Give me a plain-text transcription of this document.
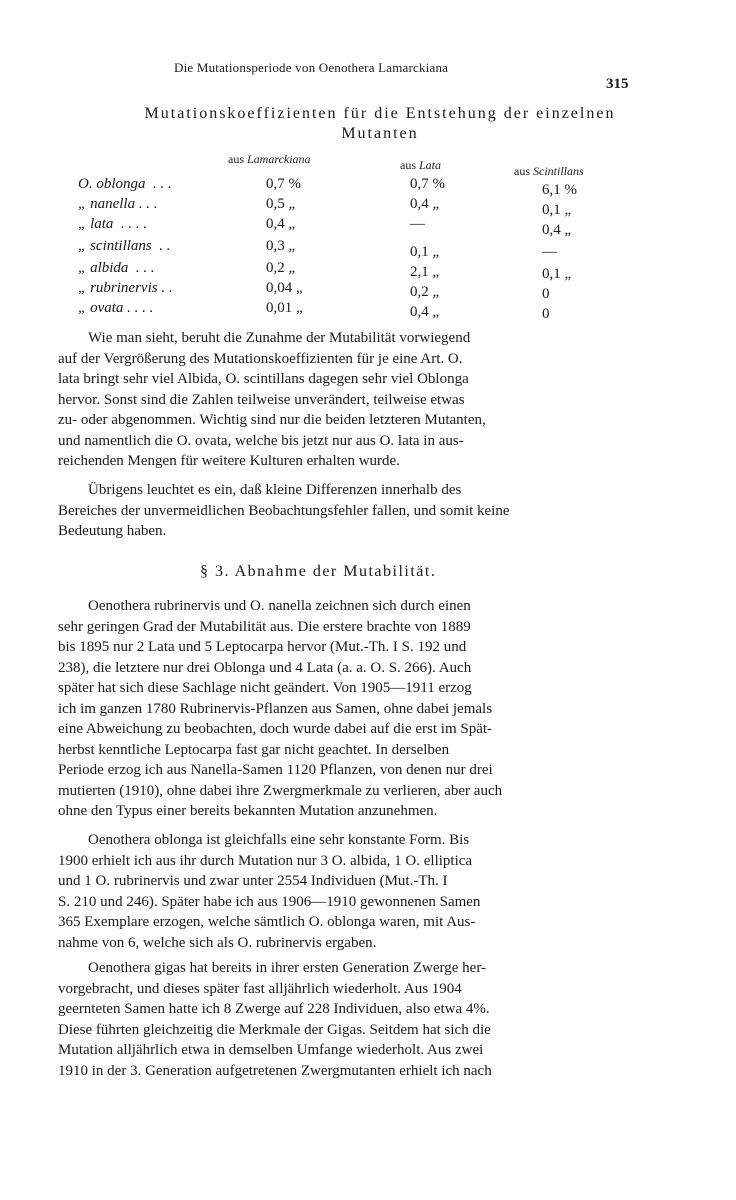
Die Mutationsperiode von Oenothera Lamarckiana
315
Mutationskoeffizienten für die Entstehung der einzelnen
Mutanten
aus Lamarckiana	aus Lata	aus Scintillans
O. oblonga  . . .	0,7 %	0,7 %	6,1 %
„ nanella . . .	0,5 „	0,4 „	0,1 „
„ lata  . . . .	0,4 „	—	0,4 „
„ scintillans  . .	0,3 „	0,1 „	—
„ albida  . . .	0,2 „	2,1 „	0,1 „
„ rubrinervis . .	0,04 „	0,2 „	0
„ ovata . . . .	0,01 „	0,4 „	0
Wie man sieht, beruht die Zunahme der Mutabilität vorwiegend
auf der Vergrößerung des Mutationskoeffizienten für je eine Art. O.
lata bringt sehr viel Albida, O. scintillans dagegen sehr viel Oblonga
hervor. Sonst sind die Zahlen teilweise unverändert, teilweise etwas
zu- oder abgenommen. Wichtig sind nur die beiden letzteren Mutanten,
und namentlich die O. ovata, welche bis jetzt nur aus O. lata in aus-
reichenden Mengen für weitere Kulturen erhalten wurde.
Übrigens leuchtet es ein, daß kleine Differenzen innerhalb des
Bereiches der unvermeidlichen Beobachtungsfehler fallen, und somit keine
Bedeutung haben.
§ 3. Abnahme der Mutabilität.
Oenothera rubrinervis und O. nanella zeichnen sich durch einen
sehr geringen Grad der Mutabilität aus. Die erstere brachte von 1889
bis 1895 nur 2 Lata und 5 Leptocarpa hervor (Mut.-Th. I S. 192 und
238), die letztere nur drei Oblonga und 4 Lata (a. a. O. S. 266). Auch
später hat sich diese Sachlage nicht geändert. Von 1905—1911 erzog
ich im ganzen 1780 Rubrinervis-Pflanzen aus Samen, ohne dabei jemals
eine Abweichung zu beobachten, doch wurde dabei auf die erst im Spät-
herbst kenntliche Leptocarpa fast gar nicht geachtet. In derselben
Periode erzog ich aus Nanella-Samen 1120 Pflanzen, von denen nur drei
mutierten (1910), ohne dabei ihre Zwergmerkmale zu verlieren, aber auch
ohne den Typus einer bereits bekannten Mutation anzunehmen.
Oenothera oblonga ist gleichfalls eine sehr konstante Form. Bis
1900 erhielt ich aus ihr durch Mutation nur 3 O. albida, 1 O. elliptica
und 1 O. rubrinervis und zwar unter 2554 Individuen (Mut.-Th. I
S. 210 und 246). Später habe ich aus 1906—1910 gewonnenen Samen
365 Exemplare erzogen, welche sämtlich O. oblonga waren, mit Aus-
nahme von 6, welche sich als O. rubrinervis ergaben.
Oenothera gigas hat bereits in ihrer ersten Generation Zwerge her-
vorgebracht, und dieses später fast alljährlich wiederholt. Aus 1904
geernteten Samen hatte ich 8 Zwerge auf 228 Individuen, also etwa 4%.
Diese führten gleichzeitig die Merkmale der Gigas. Seitdem hat sich die
Mutation alljährlich etwa in demselben Umfange wiederholt. Aus zwei
1910 in der 3. Generation aufgetretenen Zwergmutanten erhielt ich nach
